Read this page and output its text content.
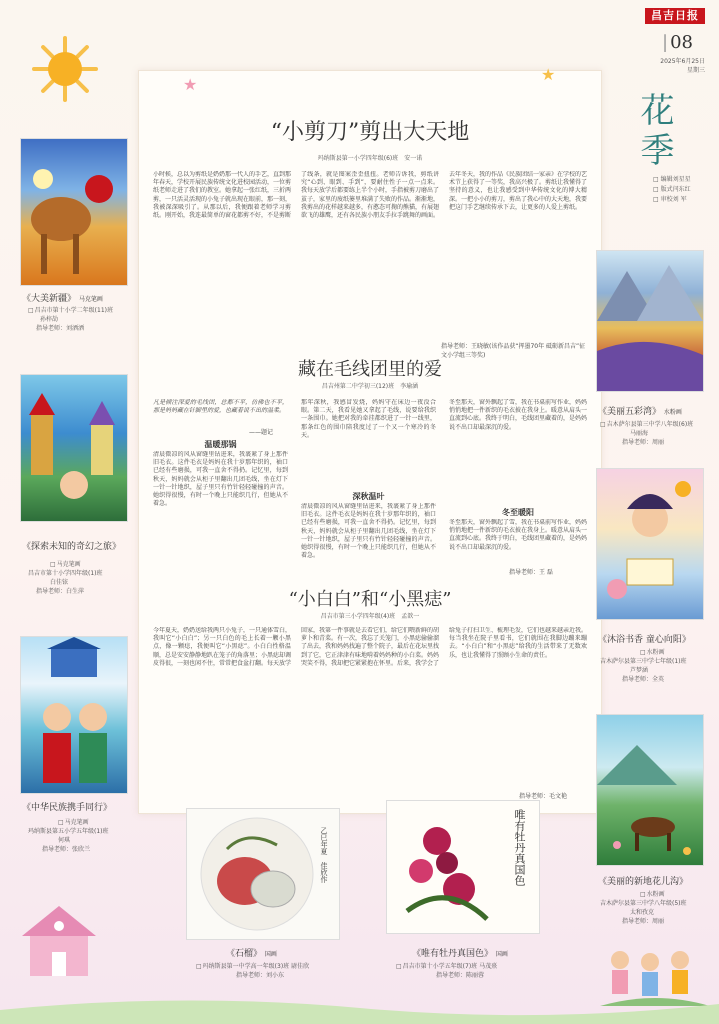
昌吉日报
| 08
2025年6月25日
星期三
花季
□ 编辑刘星星
□ 版式闫东红
□ 审校刘 军
★
★
“小剪刀”剪出大天地
玛纳斯县第一小学四年级(6)班　安一诺
小时候，总以为剪纸是奶奶那一代人的手艺，直到那年春天，学校开展民族传统文化进校园活动，一位剪纸老师走进了我们的教室。她拿起一张红纸，三折两剪，一只活灵活现的小兔子就出现在眼前，那一刻，我被深深吸引了。从那以后，我便跟着老师学习剪纸。刚开始，我连最简单的窗花都剪不好，不是剪断了线条，就是图案歪歪扭扭。老师告诉我，剪纸讲究“心到、眼到、手到”，要耐住性子一点一点来。我每天放学后都要练上半个小时，手指被剪刀磨出了茧子，家里的废纸篓里堆满了失败的作品。渐渐地，我剪出的花样越来越多，有憨态可掬的熊猫，有展翅欲飞的雄鹰，还有各民族小朋友手拉手跳舞的画面。去年冬天，我的作品《民族团结一家亲》在学校的艺术节上获得了一等奖，我高兴极了。剪纸让我懂得了坚持的意义，也让我感受到中华传统文化的博大精深。一把小小的剪刀，剪出了我心中的大天地，我要把这门手艺继续传承下去，让更多的人爱上剪纸。
指导老师：王晓敏(该作品获“挥墨70年 砥砺新昌吉”征文小学组三等奖)
藏在毛线团里的爱
昌吉州第二中学初三(12)班　李瑜涵
凡是倾注深爱的毛线团，总都不平，仿佛也不平，那是妈妈藏在针脚里的爱，也藏着说不出的温柔。
——题记
温暖那锅
清晨微凉的风从窗缝里钻进来，我裹紧了身上那件旧毛衣。这件毛衣是妈妈在我十岁那年织的，袖口已经有些磨损，可我一直舍不得扔。记忆里，每到秋天，妈妈就会从柜子里翻出几团毛线，坐在灯下一针一针地织，屋子里只有竹针轻轻碰撞的声音。她织得很慢，有时一个晚上只能织几行，但她从不着急。
深秋温叶
那年深秋，我感冒发烧，妈妈守在床边一夜没合眼。第二天，我看见她又拿起了毛线，说要给我织一条围巾。她把对我的牵挂都织进了一针一线里，那条红色的围巾陪我度过了一个又一个寒冷的冬天。
清晨微凉的风从窗缝里钻进来，我裹紧了身上那件旧毛衣。这件毛衣是妈妈在我十岁那年织的，袖口已经有些磨损，可我一直舍不得扔。记忆里，每到秋天，妈妈就会从柜子里翻出几团毛线，坐在灯下一针一针地织，屋子里只有竹针轻轻碰撞的声音。她织得很慢，有时一个晚上只能织几行，但她从不着急。
冬至那天，窗外飘起了雪，我在书桌前写作业，妈妈悄悄地把一件新织的毛衣披在我身上。暖意从肩头一直流到心底。我终于明白，毛线团里藏着的，是妈妈说不出口却最深沉的爱。
冬至暖阳
冬至那天，窗外飘起了雪，我在书桌前写作业，妈妈悄悄地把一件新织的毛衣披在我身上。暖意从肩头一直流到心底。我终于明白，毛线团里藏着的，是妈妈说不出口却最深沉的爱。
指导老师：王 磊
“小白白”和“小黑痣”
昌吉市第三小学四年级(4)班　孟歆一
今年夏天，奶奶送给我两只小兔子，一只通体雪白，我叫它“小白白”；另一只白色的毛上长着一颗小黑点，像一颗痣，我便叫它“小黑痣”。小白白性格温顺，总是安安静静地趴在笼子的角落里；小黑痣却调皮得很，一刻也闲不住，常常把食盆打翻。每天放学回家，我第一件事就是去看它们，给它们喂新鲜的胡萝卜和青菜。有一次，我忘了关笼门，小黑痣偷偷溜了出去，我和妈妈找遍了整个院子，最后在花坛里找到了它，它正津津有味地啃着妈妈种的小白菜。妈妈哭笑不得，我却把它紧紧抱在怀里。后来，我学会了给兔子打扫卫生、梳理毛发，它们也越来越亲近我。每当我坐在院子里看书，它们就围在我脚边蹦来蹦去。“小白白”和“小黑痣”给我的生活带来了无数欢乐，也让我懂得了照顾小生命的责任。
指导老师：毛文艳
《大美新疆》 马克笔画
□ 昌吉市第十小学二年级(11)班
孙梓劼
指导老师：刘洒洒
《探索未知的奇幻之旅》
□ 马克笔画
昌吉市第十小学四年级(1)班
白佳铱
指导老师：白生萍
《中华民族携手同行》
□ 马克笔画
玛纳斯县第五小学五年级(1)班
何琪
指导老师：张欣兰
《美丽五彩湾》 水粉画
□ 吉木萨尔县第三中学八年级(6)班
马丽海
指导老师：周丽
《沐浴书香 童心向阳》
□ 水粉画
吉木萨尔县第三中学七年级(1)班
芦梦涵
指导老师：全英
《美丽的新地花儿沟》
□ 水粉画
吉木萨尔县第三中学八年级(5)班
太和孜克
指导老师：周丽
乙巳年夏　佳欣作
《石榴》 国画
□ 玛纳斯县第一中学高一年级(3)班 尉佳欣
指导老师：刘小东
唯有牡丹真国色
《唯有牡丹真国色》 国画
□ 昌吉市第十小学五年级(7)班 马茂熹
指导老师：陈丽蓉
